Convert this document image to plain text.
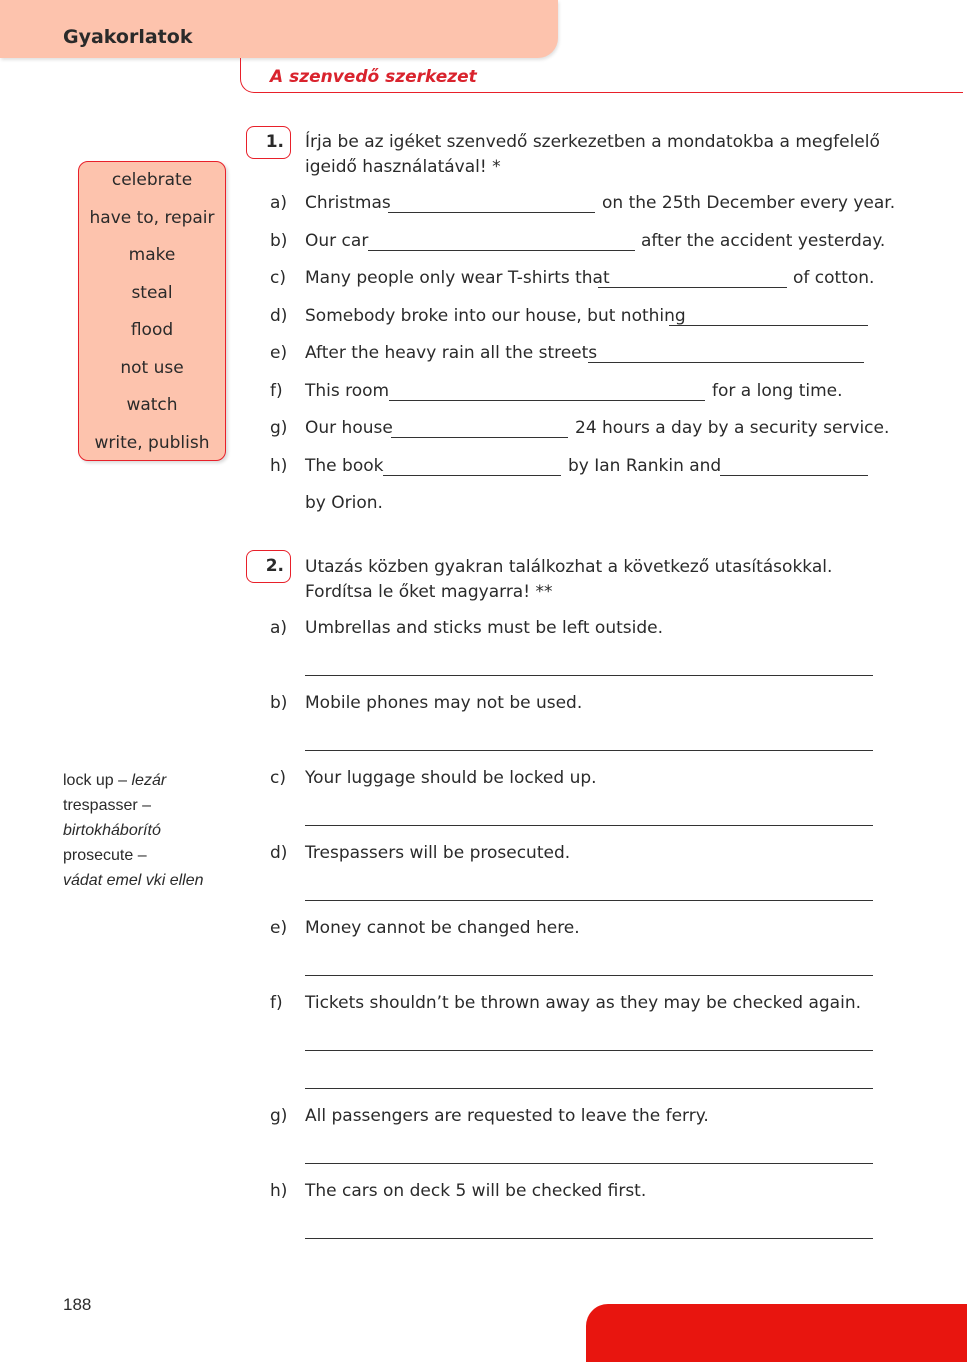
Gyakorlatok
A szenvedő szerkezet
celebrate
have to, repair
make
steal
flood
not use
watch
write, publish
1.	Írja be az igéket szenvedő szerkezetben a mondatokba a megfelelő igeidő használatával! *
a) Christmas	on the 25th December every year.
b) Our car	after the accident yesterday.
c) Many people only wear T-shirts that	of cotton.
d) Somebody broke into our house, but nothing
e) After the heavy rain all the streets
f) This room	for a long time.
g) Our house	24 hours a day by a security service.
h) The book	by Ian Rankin and
by Orion.
2.	Utazás közben gyakran találkozhat a következő utasításokkal. Fordítsa le őket magyarra! **
a) Umbrellas and sticks must be left outside.
b) Mobile phones may not be used.
c) Your luggage should be locked up.
d) Trespassers will be prosecuted.
e) Money cannot be changed here.
f) Tickets shouldn’t be thrown away as they may be checked again.
g) All passengers are requested to leave the ferry.
h) The cars on deck 5 will be checked first.
lock up – lezár
trespasser –
birtokháborító
prosecute –
vádat emel vki ellen
188
